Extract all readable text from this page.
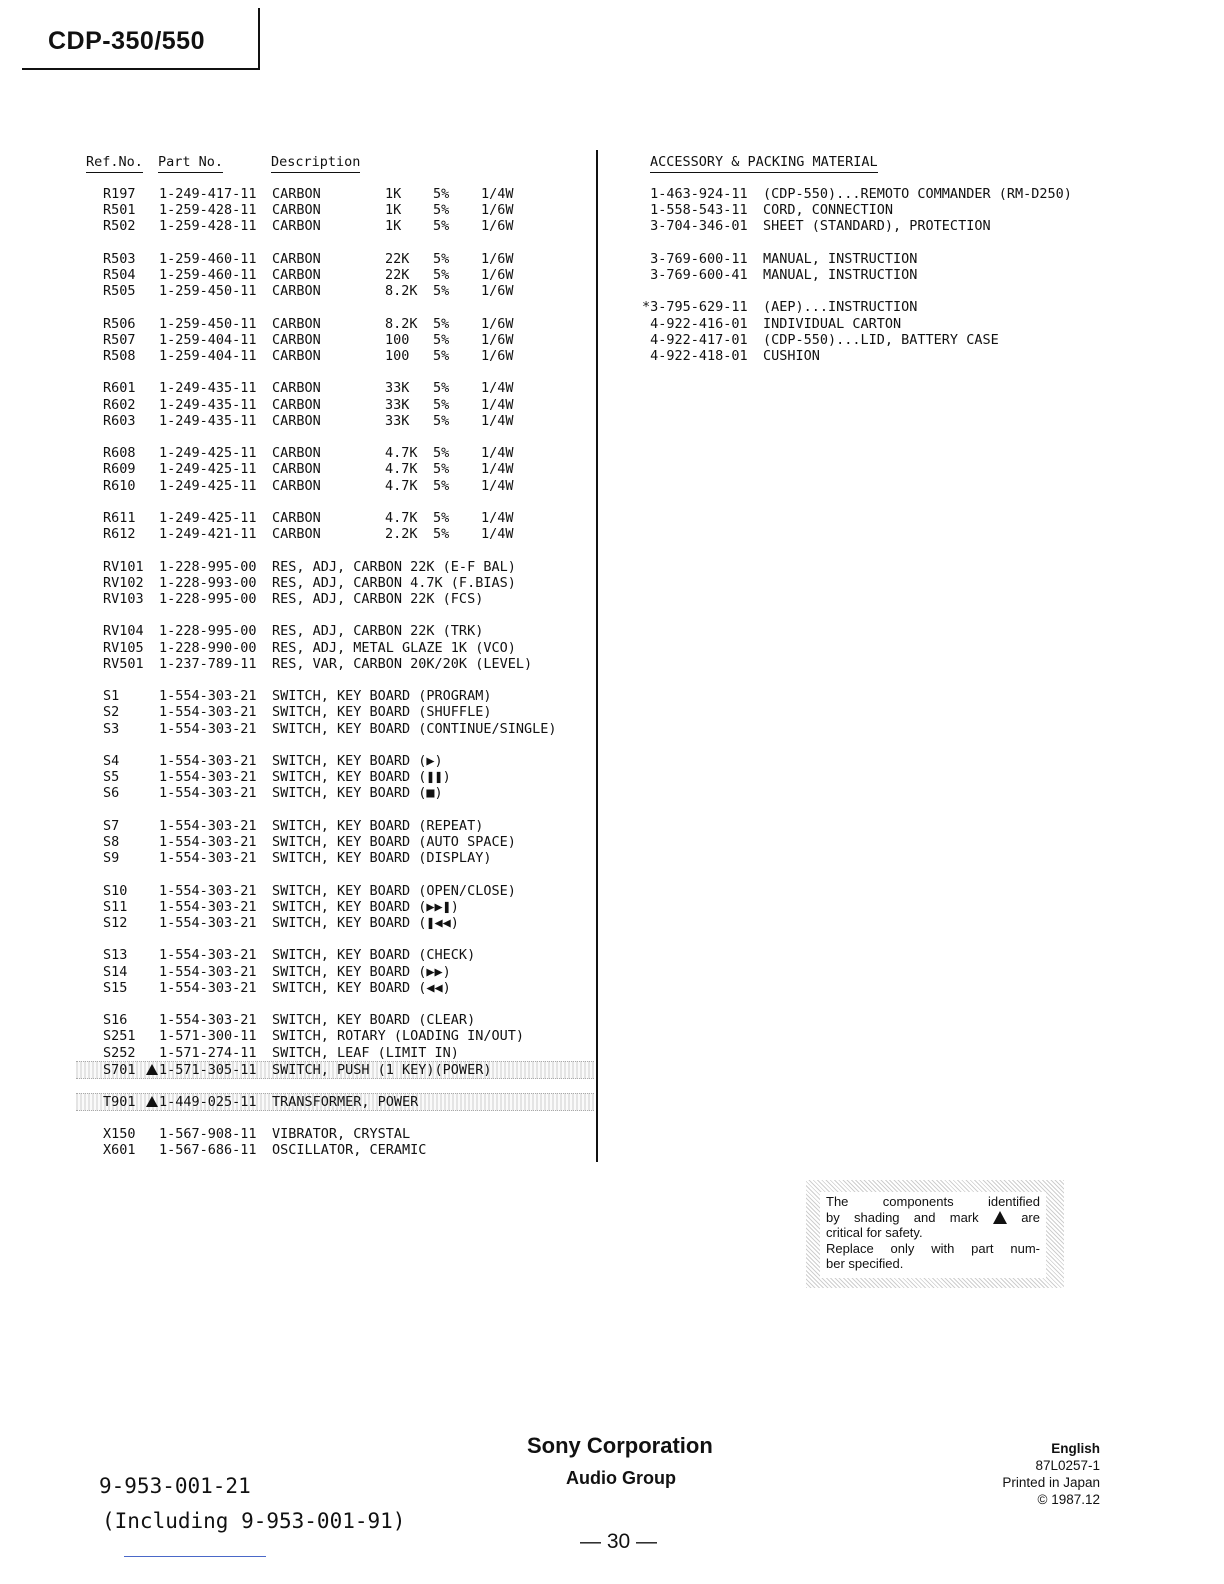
CDP-350/550
Ref.No. Part No.	Description	ACCESSORY & PACKING MATERIAL
R197 1-249-417-11 CARBON	1K 5% 1/4W
R501 1-259-428-11 CARBON	1K 5% 1/6W
R502 1-259-428-11 CARBON	1K 5% 1/6W
R503 1-259-460-11 CARBON	22K 5% 1/6W
R504 1-259-460-11 CARBON	22K 5% 1/6W
R505 1-259-450-11 CARBON	8.2K 5% 1/6W
R506 1-259-450-11 CARBON	8.2K 5% 1/6W
R507 1-259-404-11 CARBON	100 5% 1/6W
R508 1-259-404-11 CARBON	100 5% 1/6W
R601 1-249-435-11 CARBON	33K 5% 1/4W
R602 1-249-435-11 CARBON	33K 5% 1/4W
R603 1-249-435-11 CARBON	33K 5% 1/4W
R608 1-249-425-11 CARBON	4.7K 5% 1/4W
R609 1-249-425-11 CARBON	4.7K 5% 1/4W
R610 1-249-425-11 CARBON	4.7K 5% 1/4W
R611 1-249-425-11 CARBON	4.7K 5% 1/4W
R612 1-249-421-11 CARBON	2.2K 5% 1/4W
RV101 1-228-995-00 RES, ADJ, CARBON 22K (E-F BAL)
RV102 1-228-993-00 RES, ADJ, CARBON 4.7K (F.BIAS)
RV103 1-228-995-00 RES, ADJ, CARBON 22K (FCS)
RV104 1-228-995-00 RES, ADJ, CARBON 22K (TRK)
RV105 1-228-990-00 RES, ADJ, METAL GLAZE 1K (VCO)
RV501 1-237-789-11 RES, VAR, CARBON 20K/20K (LEVEL)
S1	1-554-303-21 SWITCH, KEY BOARD (PROGRAM)
S2	1-554-303-21 SWITCH, KEY BOARD (SHUFFLE)
S3	1-554-303-21 SWITCH, KEY BOARD (CONTINUE/SINGLE)
S4	1-554-303-21 SWITCH, KEY BOARD (▶)
S5	1-554-303-21 SWITCH, KEY BOARD (❚❚)
S6	1-554-303-21 SWITCH, KEY BOARD (■)
S7	1-554-303-21 SWITCH, KEY BOARD (REPEAT)
S8	1-554-303-21 SWITCH, KEY BOARD (AUTO SPACE)
S9	1-554-303-21 SWITCH, KEY BOARD (DISPLAY)
S10 1-554-303-21 SWITCH, KEY BOARD (OPEN/CLOSE)
S11 1-554-303-21 SWITCH, KEY BOARD (▶▶❚)
S12 1-554-303-21 SWITCH, KEY BOARD (❚◀◀)
S13 1-554-303-21 SWITCH, KEY BOARD (CHECK)
S14 1-554-303-21 SWITCH, KEY BOARD (▶▶)
S15 1-554-303-21 SWITCH, KEY BOARD (◀◀)
S16 1-554-303-21 SWITCH, KEY BOARD (CLEAR)
S251 1-571-300-11 SWITCH, ROTARY (LOADING IN/OUT)
S252 1-571-274-11 SWITCH, LEAF (LIMIT IN)
S701 1-571-305-11 SWITCH, PUSH (1 KEY)(POWER)
T901 1-449-025-11 TRANSFORMER, POWER
X150 1-567-908-11 VIBRATOR, CRYSTAL
X601 1-567-686-11 OSCILLATOR, CERAMIC
1-463-924-11 (CDP-550)...REMOTO COMMANDER (RM-D250)
1-558-543-11 CORD, CONNECTION
3-704-346-01 SHEET (STANDARD), PROTECTION
3-769-600-11 MANUAL, INSTRUCTION
3-769-600-41 MANUAL, INSTRUCTION
*3-795-629-11 (AEP)...INSTRUCTION
4-922-416-01 INDIVIDUAL CARTON
4-922-417-01 (CDP-550)...LID, BATTERY CASE
4-922-418-01 CUSHION
The components identified
by shading and mark	are
critical for safety.
Replace only with part num-
ber specified.
Sony Corporation
Audio Group
— 30 —
9-953-001-21
(Including 9-953-001-91)
English
87L0257-1
Printed in Japan
© 1987.12
